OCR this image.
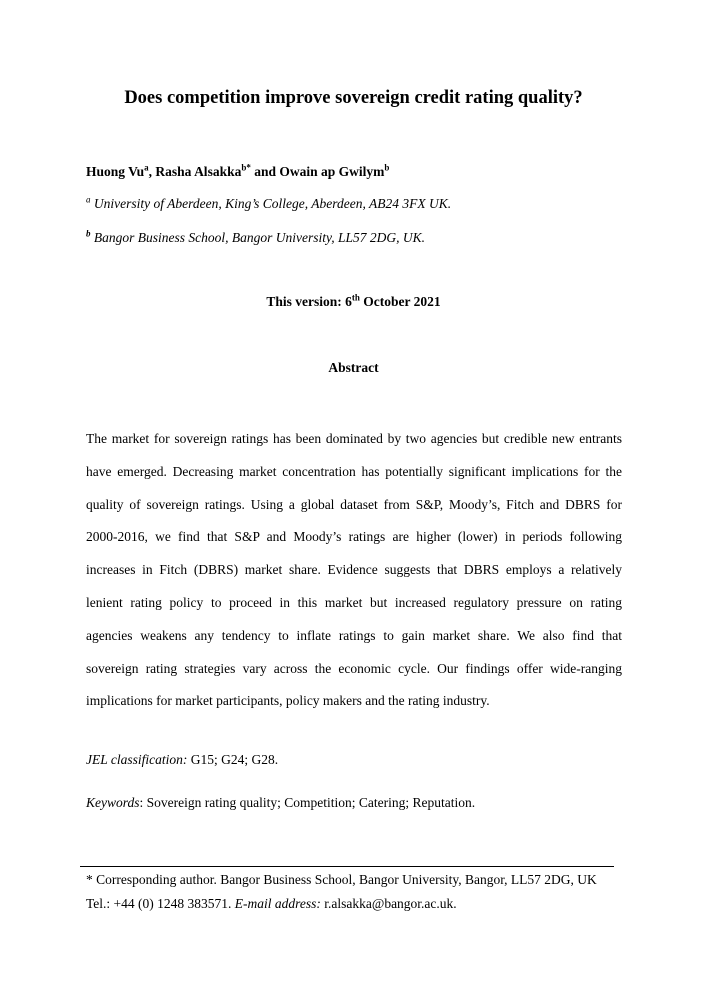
Does competition improve sovereign credit rating quality?
Huong Vu$^a$, Rasha Alsakka$^{b*}$ and Owain ap Gwilym$^b$
$^a$ University of Aberdeen, King’s College, Aberdeen, AB24 3FX UK.
$^b$ Bangor Business School, Bangor University, LL57 2DG, UK.
This version: 6th October 2021
Abstract
The market for sovereign ratings has been dominated by two agencies but credible new entrants
have emerged. Decreasing market concentration has potentially significant implications for the
quality of sovereign ratings. Using a global dataset from S&P, Moody’s, Fitch and DBRS for
2000-2016, we find that S&P and Moody’s ratings are higher (lower) in periods following
increases in Fitch (DBRS) market share. Evidence suggests that DBRS employs a relatively
lenient rating policy to proceed in this market but increased regulatory pressure on rating
agencies weakens any tendency to inflate ratings to gain market share. We also find that
sovereign rating strategies vary across the economic cycle. Our findings offer wide-ranging
implications for market participants, policy makers and the rating industry.
JEL classification: G15; G24; G28.
Keywords: Sovereign rating quality; Competition; Catering; Reputation.
* Corresponding author. Bangor Business School, Bangor University, Bangor, LL57 2DG, UK
Tel.: +44 (0) 1248 383571. E-mail address: r.alsakka@bangor.ac.uk.
